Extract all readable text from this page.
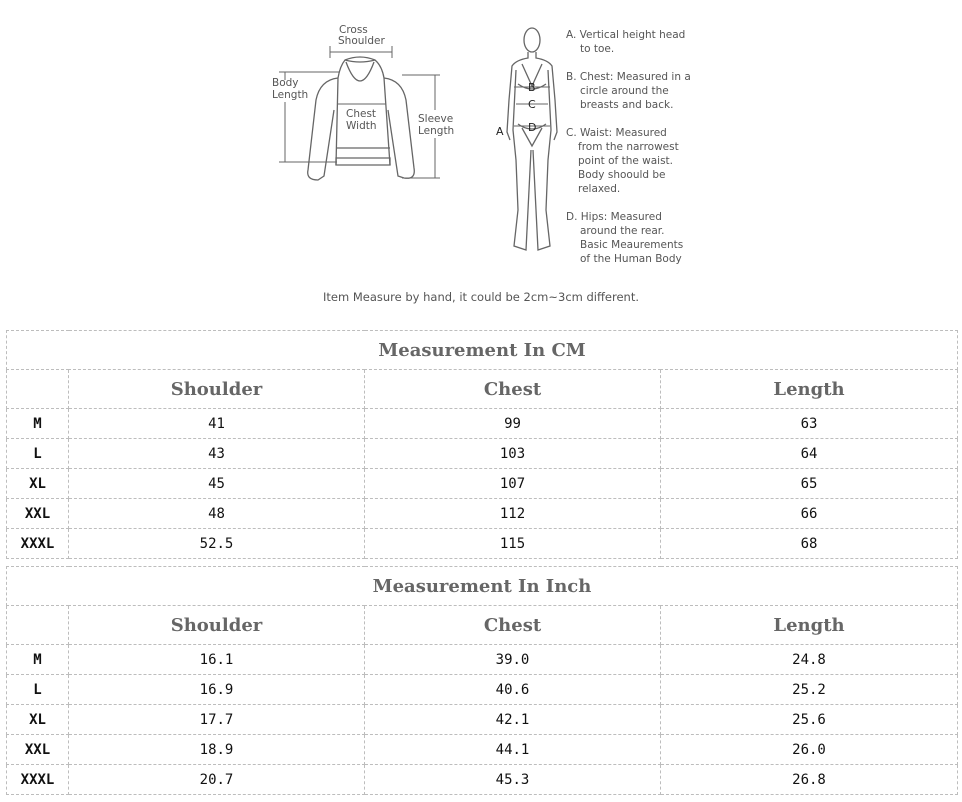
Cross
Shoulder
Body
Length
Chest
Width
Sleeve
Length	A
B
C
D
A. Vertical height head
to toe.
B. Chest: Measured in a
circle around the
breasts and back.
C. Waist: Measured
from the narrowest
point of the waist.
Body shoould be
relaxed.
D. Hips: Measured
around the rear.
Basic Meaurements
of the Human Body
Item Measure by hand, it could be 2cm~3cm different.
Measurement In CM			
	Shoulder	Chest	Length
M	41	99	63
L	43	103	64
XL	45	107	65
XXL	48	112	66
XXXL	52.5	115	68
Measurement In Inch			
	Shoulder	Chest	Length
M	16.1	39.0	24.8
L	16.9	40.6	25.2
XL	17.7	42.1	25.6
XXL	18.9	44.1	26.0
XXXL	20.7	45.3	26.8
